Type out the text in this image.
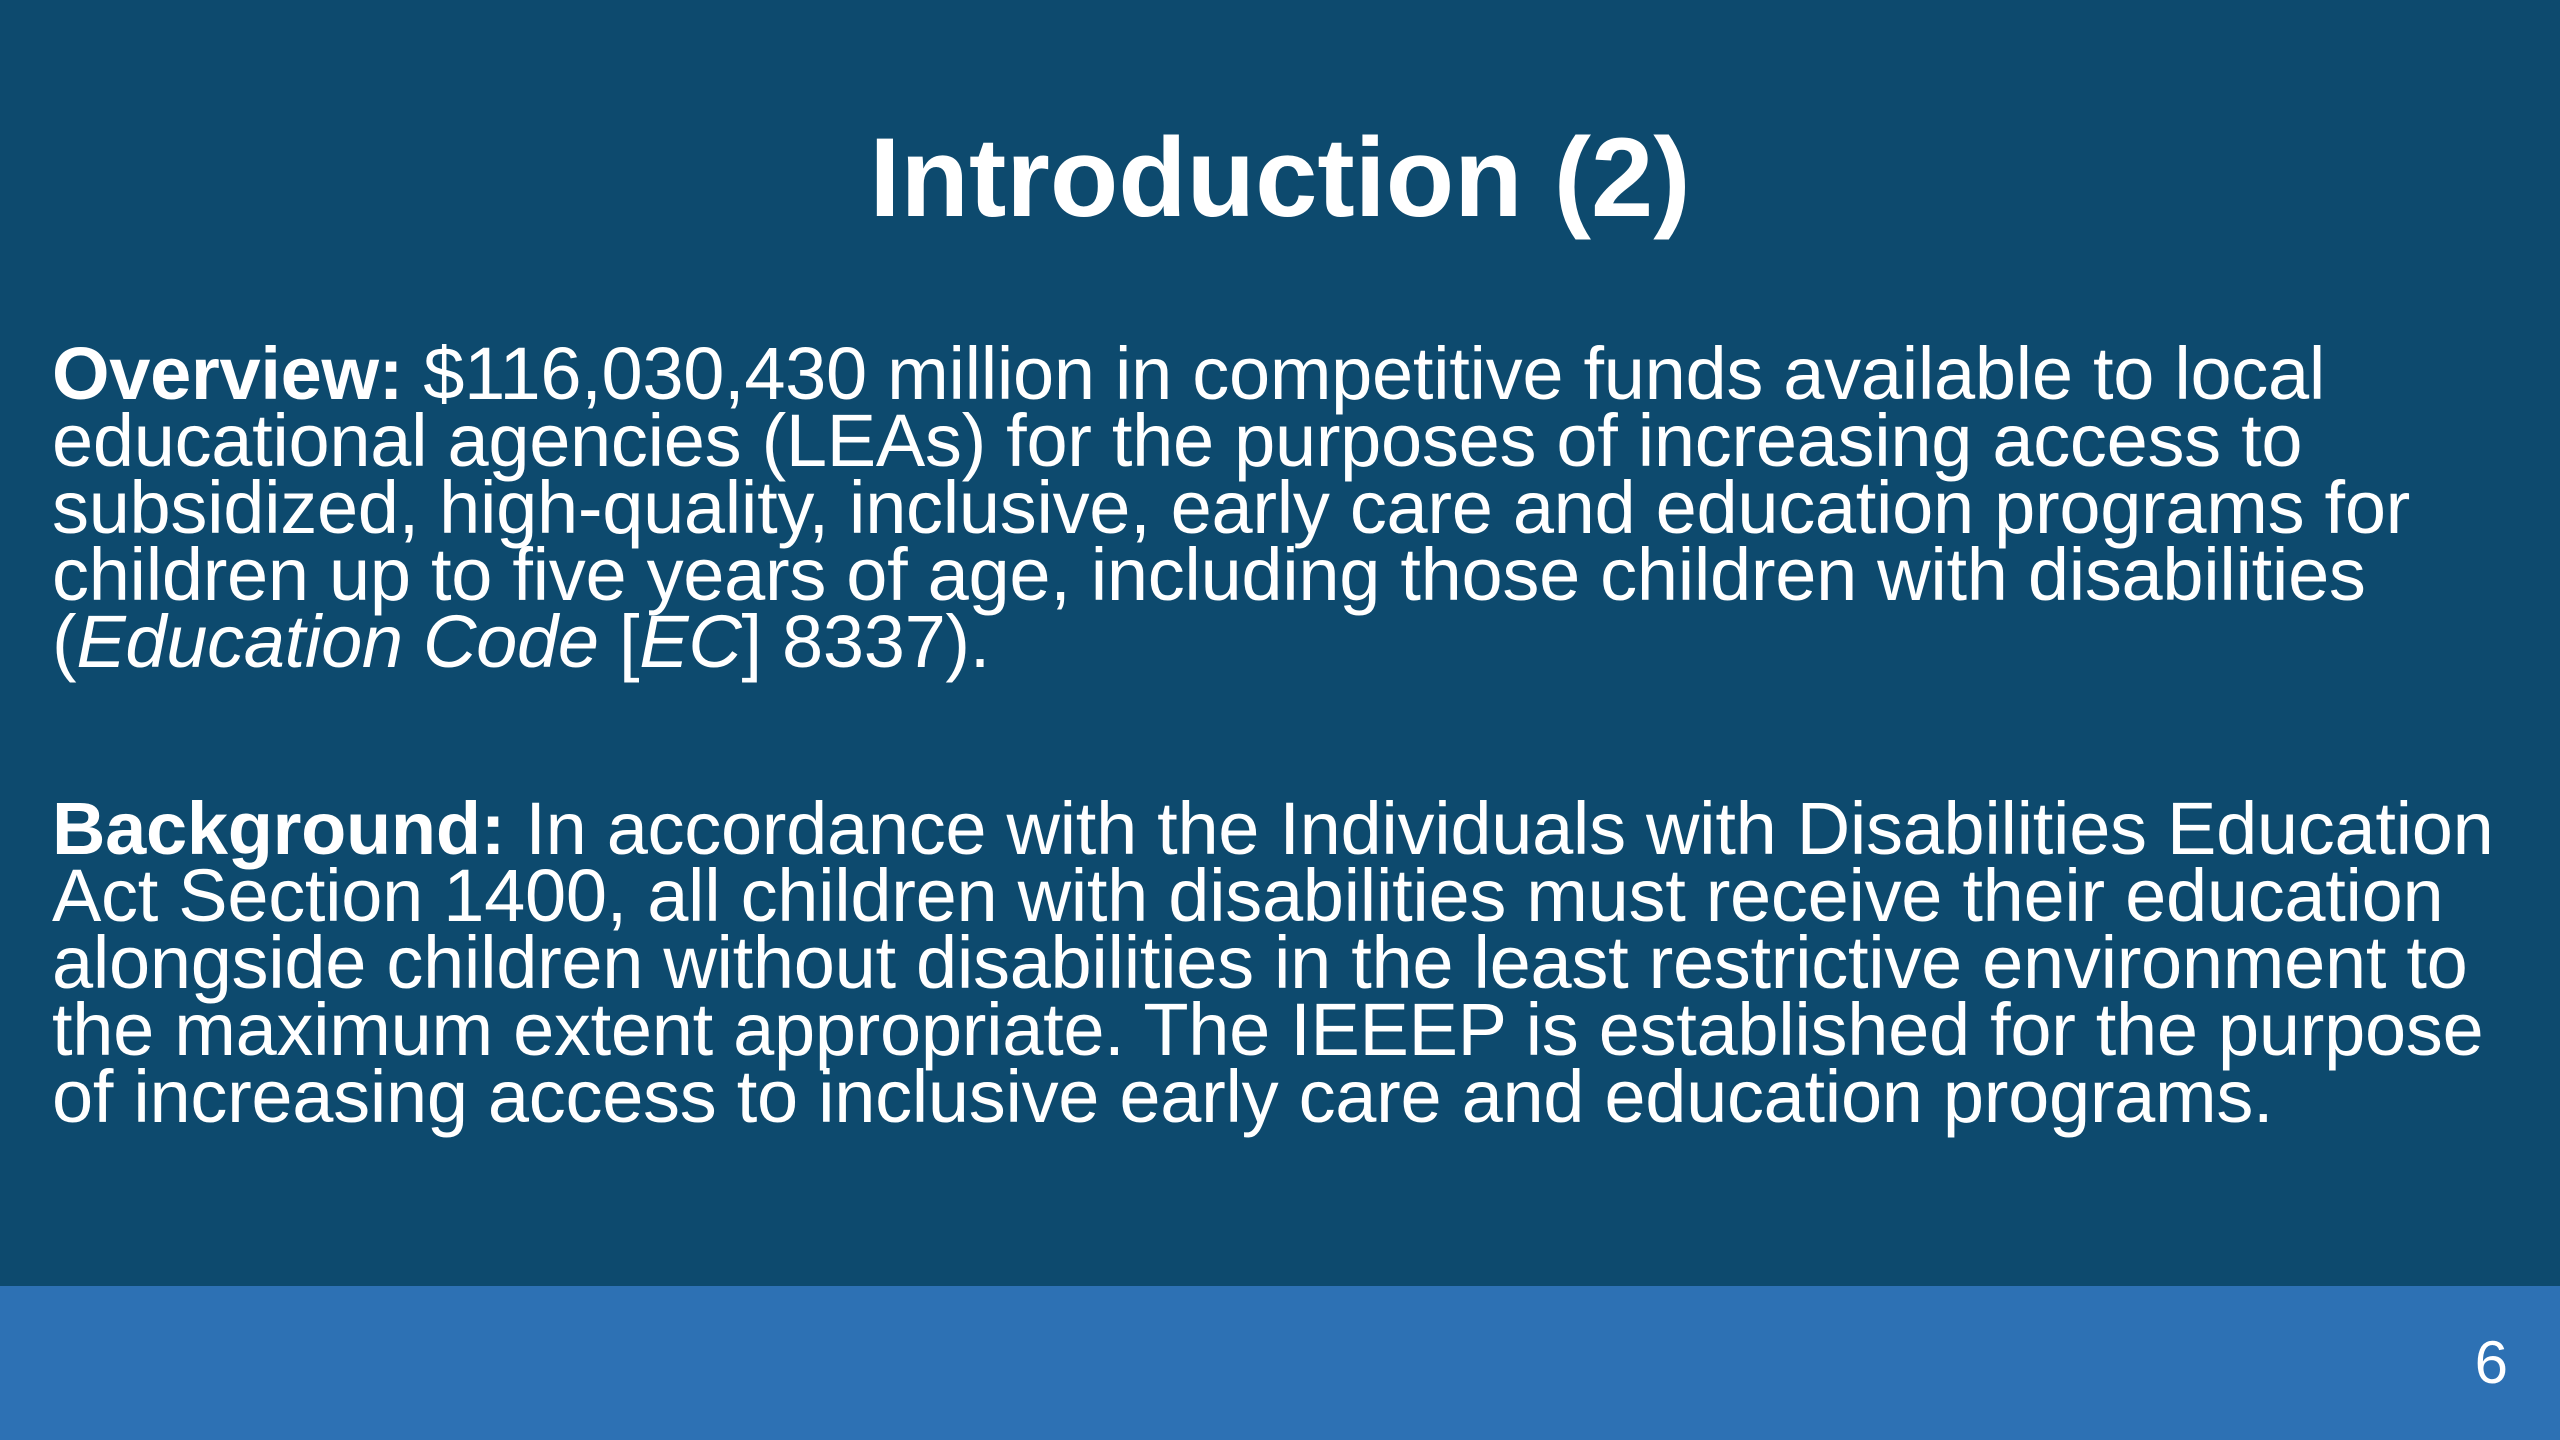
Introduction (2)

Overview: $116,030,430 million in competitive funds available to local educational agencies (LEAs) for the purposes of increasing access to subsidized, high-quality, inclusive, early care and education programs for children up to five years of age, including those children with disabilities (Education Code [EC] 8337).

Background: In accordance with the Individuals with Disabilities Education Act Section 1400, all children with disabilities must receive their education alongside children without disabilities in the least restrictive environment to the maximum extent appropriate. The IEEEP is established for the purpose of increasing access to inclusive early care and education programs.

6
